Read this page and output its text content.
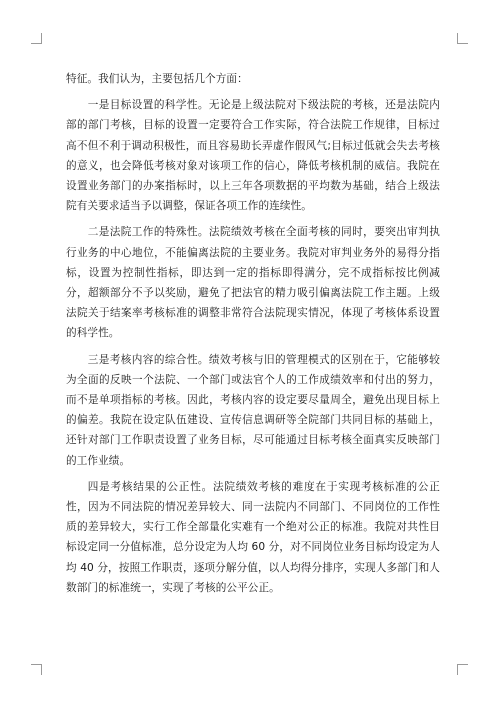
特征。我们认为，主要包括几个方面：

一是目标设置的科学性。无论是上级法院对下级法院的考核，还是法院内部的部门考核，目标的设置一定要符合工作实际，符合法院工作规律，目标过高不但不利于调动积极性，而且容易助长弄虚作假风气;目标过低就会失去考核的意义，也会降低考核对象对该项工作的信心，降低考核机制的威信。我院在设置业务部门的办案指标时，以上三年各项数据的平均数为基础，结合上级法院有关要求适当予以调整，保证各项工作的连续性。

二是法院工作的特殊性。法院绩效考核在全面考核的同时，要突出审判执行业务的中心地位，不能偏离法院的主要业务。我院对审判业务外的易得分指标，设置为控制性指标，即达到一定的指标即得满分，完不成指标按比例减分，超额部分不予以奖励，避免了把法官的精力吸引偏离法院工作主题。上级法院关于结案率考核标准的调整非常符合法院现实情况，体现了考核体系设置的科学性。

三是考核内容的综合性。绩效考核与旧的管理模式的区别在于，它能够较为全面的反映一个法院、一个部门或法官个人的工作成绩效率和付出的努力，而不是单项指标的考核。因此，考核内容的设定要尽量周全，避免出现目标上的偏差。我院在设定队伍建设、宣传信息调研等全院部门共同目标的基础上，还针对部门工作职责设置了业务目标，尽可能通过目标考核全面真实反映部门的工作业绩。

四是考核结果的公正性。法院绩效考核的难度在于实现考核标准的公正性，因为不同法院的情况差异较大、同一法院内不同部门、不同岗位的工作性质的差异较大，实行工作全部量化实难有一个绝对公正的标准。我院对共性目标设定同一分值标准，总分设定为人均 60 分，对不同岗位业务目标均设定为人均 40 分，按照工作职责，逐项分解分值，以人均得分排序，实现人多部门和人数部门的标准统一，实现了考核的公平公正。
